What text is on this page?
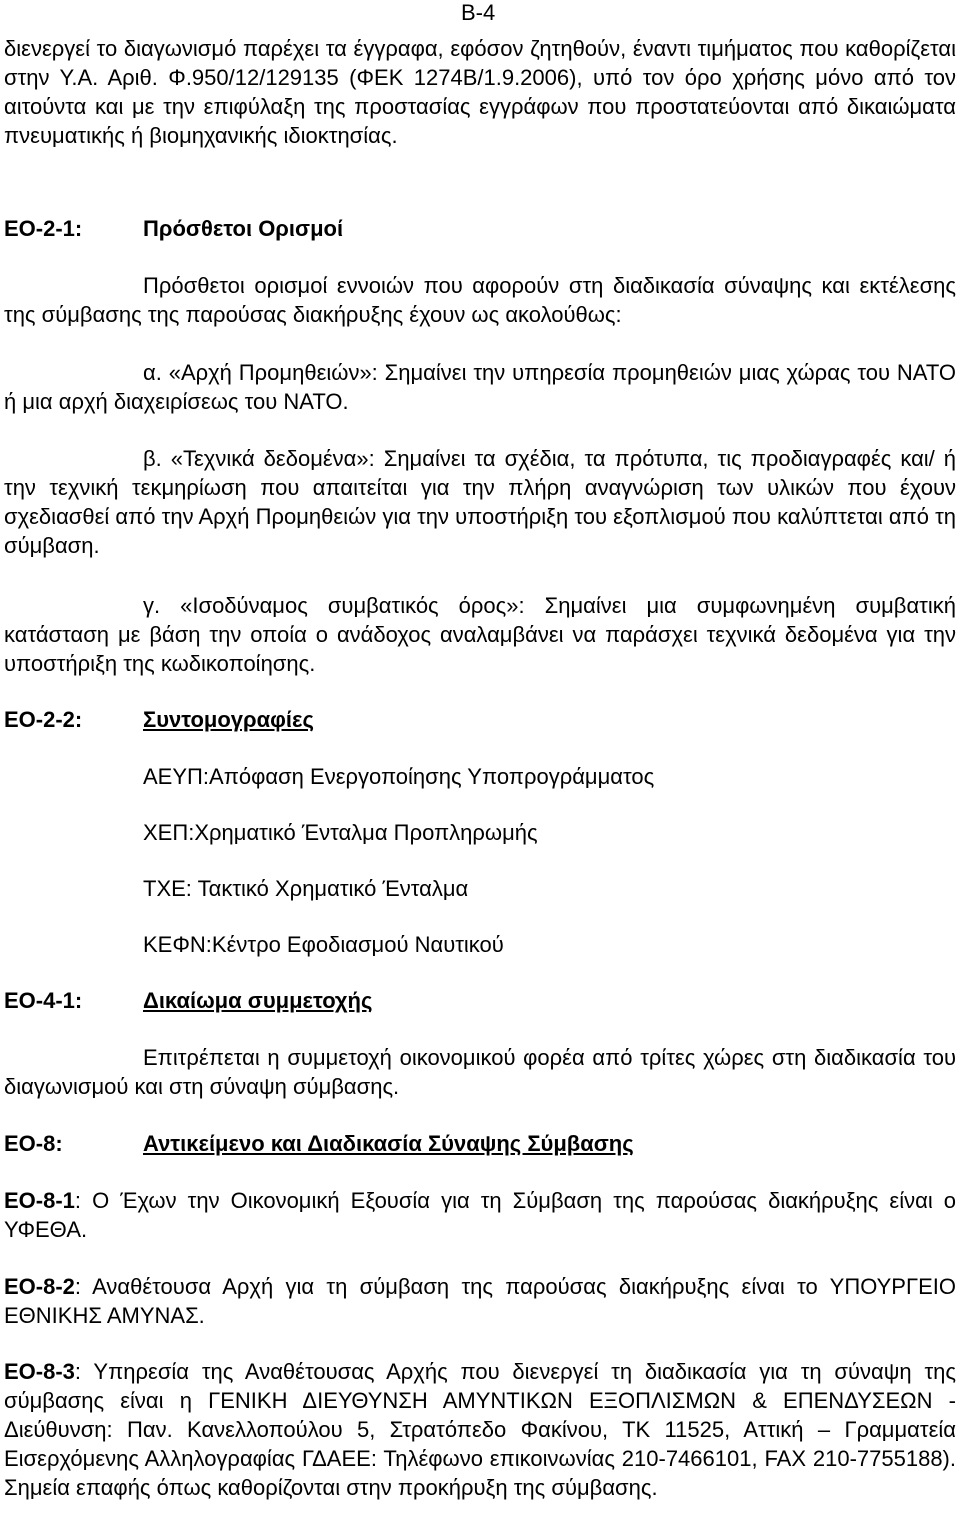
B-4
διενεργεί το διαγωνισμό παρέχει τα έγγραφα, εφόσον ζητηθούν, έναντι τιμήματος που καθορίζεται στην Υ.Α. Αριθ. Φ.950/12/129135 (ΦΕΚ 1274Β/1.9.2006), υπό τον όρο χρήσης μόνο από τον αιτούντα και με την επιφύλαξη της προστασίας εγγράφων που προστατεύονται από δικαιώματα πνευματικής ή βιομηχανικής ιδιοκτησίας.
ΕΟ-2-1:	Πρόσθετοι Ορισμοί
Πρόσθετοι ορισμοί εννοιών που αφορούν στη διαδικασία σύναψης και εκτέλεσης της σύμβασης της παρούσας διακήρυξης έχουν ως ακολούθως:
α. «Αρχή Προμηθειών»: Σημαίνει την υπηρεσία προμηθειών μιας χώρας του ΝΑΤΟ ή μια αρχή διαχειρίσεως του ΝΑΤΟ.
β. «Τεχνικά δεδομένα»: Σημαίνει τα σχέδια, τα πρότυπα, τις προδιαγραφές και/ ή την τεχνική τεκμηρίωση που απαιτείται για την πλήρη αναγνώριση των υλικών που έχουν σχεδιασθεί από την Αρχή Προμηθειών για την υποστήριξη του εξοπλισμού που καλύπτεται από τη σύμβαση.
γ. «Ισοδύναμος συμβατικός όρος»: Σημαίνει μια συμφωνημένη συμβατική κατάσταση με βάση την οποία ο ανάδοχος αναλαμβάνει να παράσχει τεχνικά δεδομένα για την υποστήριξη της κωδικοποίησης.
ΕΟ-2-2:	Συντομογραφίες
ΑΕΥΠ:Απόφαση Ενεργοποίησης Υποπρογράμματος
ΧΕΠ:Χρηματικό Ένταλμα Προπληρωμής
ΤΧΕ: Τακτικό Χρηματικό Ένταλμα
ΚΕΦΝ:Κέντρο Εφοδιασμού Ναυτικού
ΕΟ-4-1:	Δικαίωμα συμμετοχής
Επιτρέπεται η συμμετοχή οικονομικού φορέα από τρίτες χώρες στη διαδικασία του διαγωνισμού και στη σύναψη σύμβασης.
ΕΟ-8:	Αντικείμενο και Διαδικασία Σύναψης Σύμβασης
ΕΟ-8-1: Ο Έχων την Οικονομική Εξουσία για τη Σύμβαση της παρούσας διακήρυξης είναι ο ΥΦΕΘΑ.
ΕΟ-8-2: Αναθέτουσα Αρχή για τη σύμβαση της παρούσας διακήρυξης είναι το ΥΠΟΥΡΓΕΙΟ ΕΘΝΙΚΗΣ ΑΜΥΝΑΣ.
ΕΟ-8-3: Υπηρεσία της Αναθέτουσας Αρχής που διενεργεί τη διαδικασία για τη σύναψη της σύμβασης είναι η ΓΕΝΙΚΗ ΔΙΕΥΘΥΝΣΗ ΑΜΥΝΤΙΚΩΝ ΕΞΟΠΛΙΣΜΩΝ & ΕΠΕΝΔΥΣΕΩΝ - Διεύθυνση: Παν. Κανελλοπούλου 5, Στρατόπεδο Φακίνου, ΤΚ 11525, Αττική – Γραμματεία Εισερχόμενης Αλληλογραφίας ΓΔΑΕΕ: Τηλέφωνο επικοινωνίας 210-7466101, FAX 210-7755188). Σημεία επαφής όπως καθορίζονται στην προκήρυξη της σύμβασης.
